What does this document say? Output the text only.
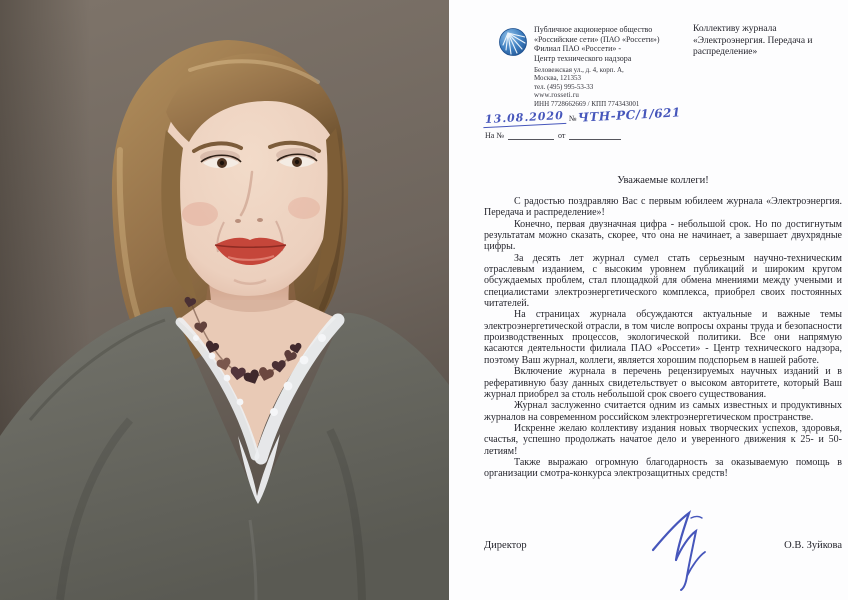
Публичное акционерное общество
«Российские сети» (ПАО «Россети»)
Филиал ПАО «Россети» -
Центр технического надзора
Коллективу журнала
«Электроэнергия. Передача и
распределение»
Беловежская ул., д. 4, корп. А,
Москва, 121353
тел. (495) 995-53-33
www.rosseti.ru
ИНН 7728662669 / КПП 774343001
13.08.2020 №ЧТН-РС/1/621
На №	от
Уважаемые коллеги!

С радостью поздравляю Вас с первым юбилеем журнала «Электроэнергия. Передача и распределение»!

Конечно, первая двузначная цифра - небольшой срок. Но по достигнутым результатам можно сказать, скорее, что она не начинает, а завершает двухрядные цифры.

За десять лет журнал сумел стать серьезным научно-техническим отраслевым изданием, с высоким уровнем публикаций и широким кругом обсуждаемых проблем, стал площадкой для обмена мнениями между учеными и специалистами электроэнергетического комплекса, приобрел своих постоянных читателей.

На страницах журнала обсуждаются актуальные и важные темы электроэнергетической отрасли, в том числе вопросы охраны труда и безопасности производственных процессов, экологической политики. Все они напрямую касаются деятельности филиала ПАО «Россети» - Центр технического надзора, поэтому Ваш журнал, коллеги, является хорошим подспорьем в нашей работе.

Включение журнала в перечень рецензируемых научных изданий и в реферативную базу данных свидетельствует о высоком авторитете, который Ваш журнал приобрел за столь небольшой срок своего существования.

Журнал заслуженно считается одним из самых известных и продуктивных журналов на современном российском электроэнергетическом пространстве.

Искренне желаю коллективу издания новых творческих успехов, здоровья, счастья, успешно продолжать начатое дело и уверенного движения к 25- и 50-летиям!

Также выражаю огромную благодарность за оказываемую помощь в организации смотра-конкурса электрозащитных средств!

Директор	О.В. Зуйкова
